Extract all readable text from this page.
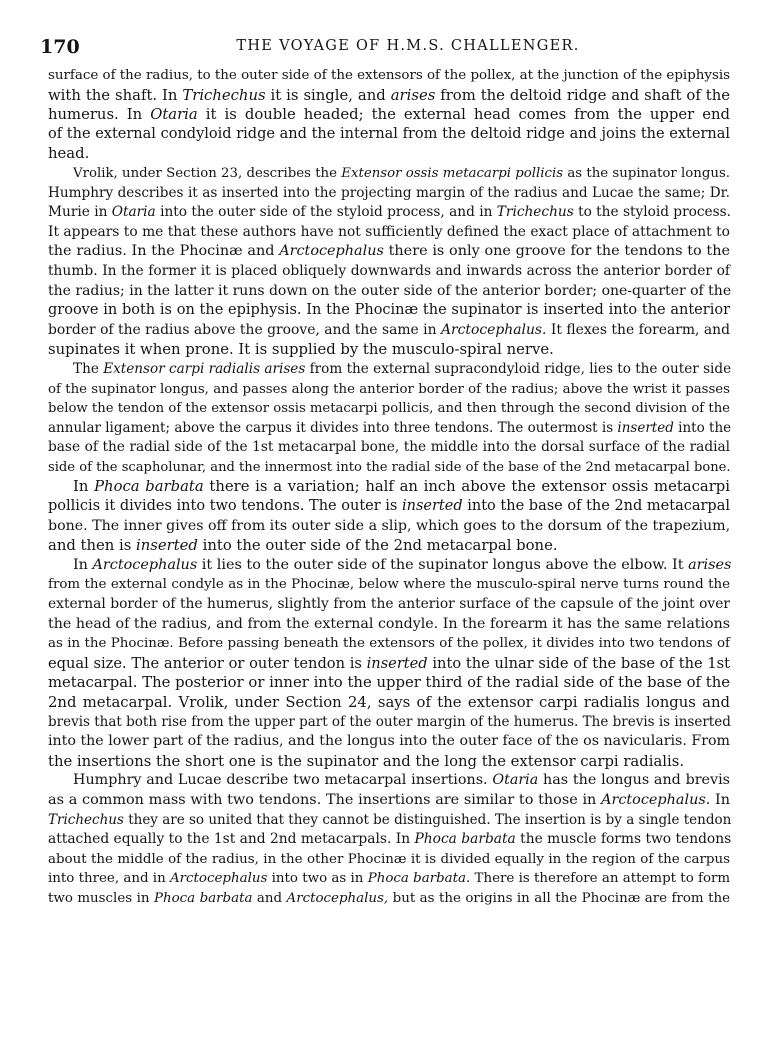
170	THE VOYAGE OF H.M.S. CHALLENGER.
surface of the radius, to the outer side of the extensors of the pollex, at the junction of the epiphysis
with the shaft. In Trichechus it is single, and arises from the deltoid ridge and shaft of the
humerus. In Otaria it is double headed; the external head comes from the upper end
of the external condyloid ridge and the internal from the deltoid ridge and joins the external
head.
Vrolik, under Section 23, describes the Extensor ossis metacarpi pollicis as the supinator longus.
Humphry describes it as inserted into the projecting margin of the radius and Lucae the same; Dr.
Murie in Otaria into the outer side of the styloid process, and in Trichechus to the styloid process.
It appears to me that these authors have not sufficiently defined the exact place of attachment to
the radius. In the Phocinæ and Arctocephalus there is only one groove for the tendons to the
thumb. In the former it is placed obliquely downwards and inwards across the anterior border of
the radius; in the latter it runs down on the outer side of the anterior border; one-quarter of the
groove in both is on the epiphysis. In the Phocinæ the supinator is inserted into the anterior
border of the radius above the groove, and the same in Arctocephalus. It flexes the forearm, and
supinates it when prone. It is supplied by the musculo-spiral nerve.
The Extensor carpi radialis arises from the external supracondyloid ridge, lies to the outer side
of the supinator longus, and passes along the anterior border of the radius; above the wrist it passes
below the tendon of the extensor ossis metacarpi pollicis, and then through the second division of the
annular ligament; above the carpus it divides into three tendons. The outermost is inserted into the
base of the radial side of the 1st metacarpal bone, the middle into the dorsal surface of the radial
side of the scapholunar, and the innermost into the radial side of the base of the 2nd metacarpal bone.
In Phoca barbata there is a variation; half an inch above the extensor ossis metacarpi
pollicis it divides into two tendons. The outer is inserted into the base of the 2nd metacarpal
bone. The inner gives off from its outer side a slip, which goes to the dorsum of the trapezium,
and then is inserted into the outer side of the 2nd metacarpal bone.
In Arctocephalus it lies to the outer side of the supinator longus above the elbow. It arises
from the external condyle as in the Phocinæ, below where the musculo-spiral nerve turns round the
external border of the humerus, slightly from the anterior surface of the capsule of the joint over
the head of the radius, and from the external condyle. In the forearm it has the same relations
as in the Phocinæ. Before passing beneath the extensors of the pollex, it divides into two tendons of
equal size. The anterior or outer tendon is inserted into the ulnar side of the base of the 1st
metacarpal. The posterior or inner into the upper third of the radial side of the base of the
2nd metacarpal. Vrolik, under Section 24, says of the extensor carpi radialis longus and
brevis that both rise from the upper part of the outer margin of the humerus. The brevis is inserted
into the lower part of the radius, and the longus into the outer face of the os navicularis. From
the insertions the short one is the supinator and the long the extensor carpi radialis.
Humphry and Lucae describe two metacarpal insertions. Otaria has the longus and brevis
as a common mass with two tendons. The insertions are similar to those in Arctocephalus. In
Trichechus they are so united that they cannot be distinguished. The insertion is by a single tendon
attached equally to the 1st and 2nd metacarpals. In Phoca barbata the muscle forms two tendons
about the middle of the radius, in the other Phocinæ it is divided equally in the region of the carpus
into three, and in Arctocephalus into two as in Phoca barbata. There is therefore an attempt to form
two muscles in Phoca barbata and Arctocephalus, but as the origins in all the Phocinæ are from the
